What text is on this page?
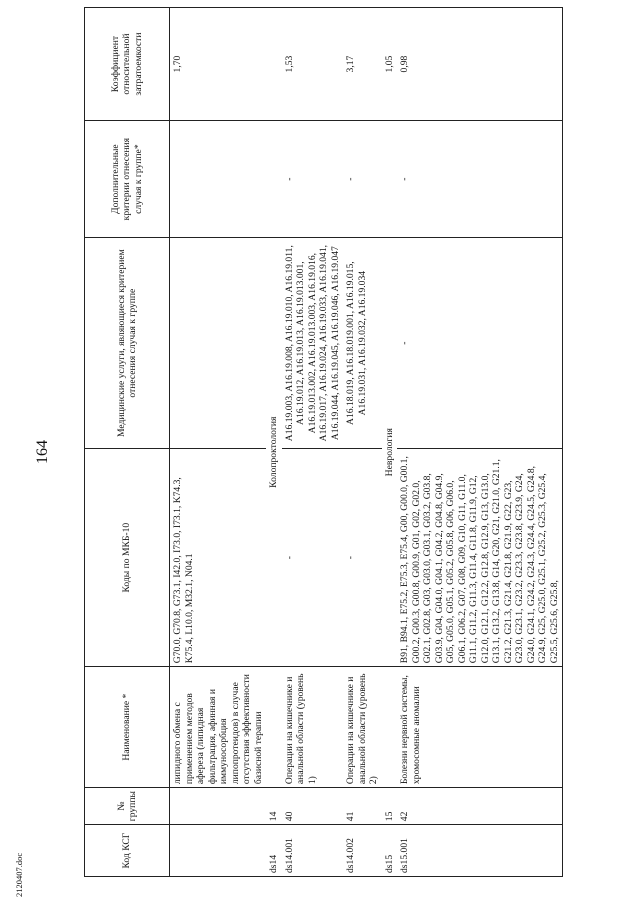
164
2120407.doc
Код КСГ	№ группы	Наименование *	Коды по МКБ-10	Медицинские услуги, являющиеся критерием отнесения случая к группе	Дополнительные критерии отнесения случая к группе*	Коэффициент относительной затратоемкости
		липидного обмена с применением методов афереза (липидная фильтрация, афинная и иммуносорбция липопротеидов) в случае отсутствия эффективности базисной терапии	G70.0, G70.8, G73.1, I42.0, I73.0, I73.1, K74.3, K75.4, L10.0, M32.1, N04.1			1,70
ds14	14		Колопроктология			
ds14.001	40	Операции на кишечнике и анальной области (уровень 1)	-	A16.19.003, A16.19.008, A16.19.010, A16.19.011, A16.19.012, A16.19.013, A16.19.013.001, A16.19.013.002, A16.19.013.003, A16.19.016, A16.19.017, A16.19.024, A16.19.033, A16.19.041, A16.19.044, A16.19.045, A16.19.046, A16.19.047	-	1,53
ds14.002	41	Операции на кишечнике и анальной области (уровень 2)	-	A16.18.019, A16.18.019.001, A16.19.015, A16.19.031, A16.19.032, A16.19.034	-	3,17
ds15	15		Неврология			1,05
ds15.001	42	Болезни нервной системы, хромосомные аномалии	B91, B94.1, E75.2, E75.3, E75.4, G00, G00.0, G00.1, G00.2, G00.3, G00.8, G00.9, G01, G02, G02.0, G02.1, G02.8, G03, G03.0, G03.1, G03.2, G03.8, G03.9, G04, G04.0, G04.1, G04.2, G04.8, G04.9, G05, G05.0, G05.1, G05.2, G05.8, G06, G06.0, G06.1, G06.2, G07, G08, G09, G10, G11, G11.0, G11.1, G11.2, G11.3, G11.4, G11.8, G11.9, G12, G12.0, G12.1, G12.2, G12.8, G12.9, G13, G13.0, G13.1, G13.2, G13.8, G14, G20, G21, G21.0, G21.1, G21.2, G21.3, G21.4, G21.8, G21.9, G22, G23, G23.0, G23.1, G23.2, G23.3, G23.8, G23.9, G24, G24.0, G24.1, G24.2, G24.3, G24.4, G24.5, G24.8, G24.9, G25, G25.0, G25.1, G25.2, G25.3, G25.4, G25.5, G25.6, G25.8,	-	-	0,98
